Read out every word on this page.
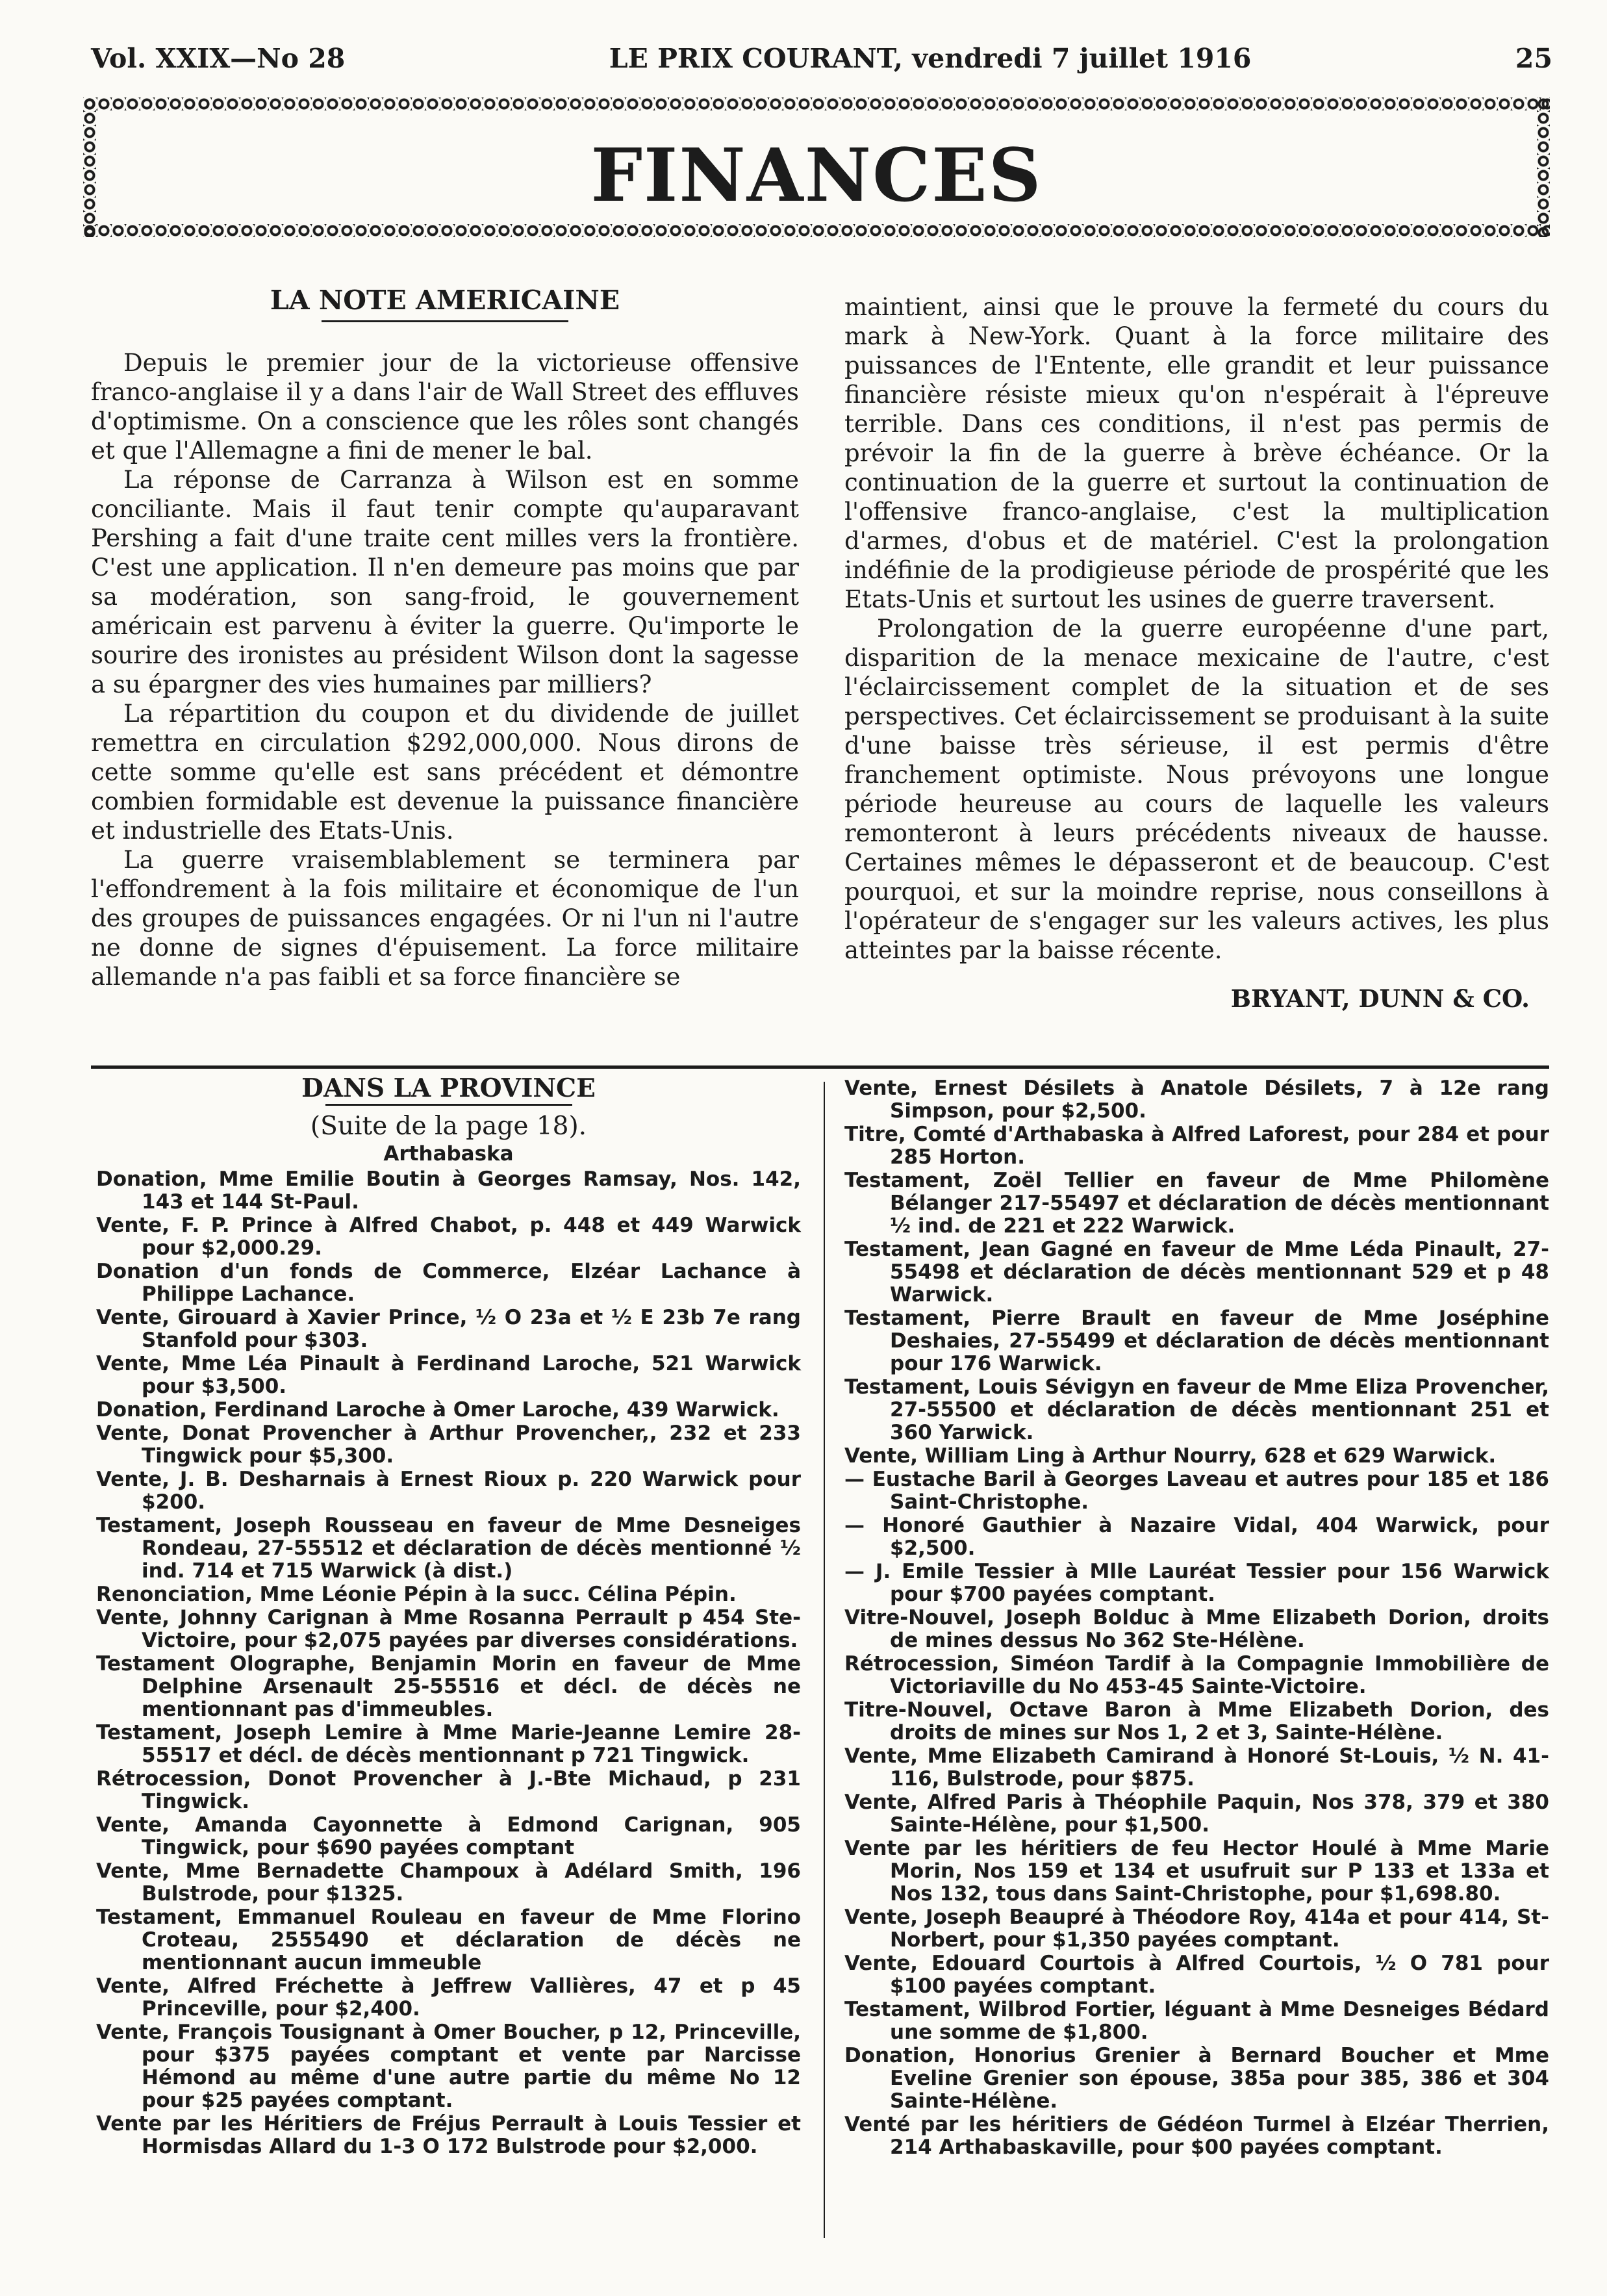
Vol. XXIX—No 28	LE PRIX COURANT, vendredi 7 juillet 1916	25
FINANCES
LA NOTE AMERICAINE

Depuis le premier jour de la victorieuse offensive franco-anglaise il y a dans l'air de Wall Street des effluves d'optimisme. On a conscience que les rôles sont changés et que l'Allemagne a fini de mener le bal.

La réponse de Carranza à Wilson est en somme conciliante. Mais il faut tenir compte qu'auparavant Pershing a fait d'une traite cent milles vers la frontière. C'est une application. Il n'en demeure pas moins que par sa modération, son sang-froid, le gouvernement américain est parvenu à éviter la guerre. Qu'importe le sourire des ironistes au président Wilson dont la sagesse a su épargner des vies humaines par milliers?

La répartition du coupon et du dividende de juillet remettra en circulation $292,000,000. Nous dirons de cette somme qu'elle est sans précédent et démontre combien formidable est devenue la puissance financière et industrielle des Etats-Unis.

La guerre vraisemblablement se terminera par l'effondrement à la fois militaire et économique de l'un des groupes de puissances engagées. Or ni l'un ni l'autre ne donne de signes d'épuisement. La force militaire allemande n'a pas faibli et sa force financière se

maintient, ainsi que le prouve la fermeté du cours du mark à New-York. Quant à la force militaire des puissances de l'Entente, elle grandit et leur puissance financière résiste mieux qu'on n'espérait à l'épreuve terrible. Dans ces conditions, il n'est pas permis de prévoir la fin de la guerre à brève échéance. Or la continuation de la guerre et surtout la continuation de l'offensive franco-anglaise, c'est la multiplication d'armes, d'obus et de matériel. C'est la prolongation indéfinie de la prodigieuse période de prospérité que les Etats-Unis et surtout les usines de guerre traversent.

Prolongation de la guerre européenne d'une part, disparition de la menace mexicaine de l'autre, c'est l'éclaircissement complet de la situation et de ses perspectives. Cet éclaircissement se produisant à la suite d'une baisse très sérieuse, il est permis d'être franchement optimiste. Nous prévoyons une longue période heureuse au cours de laquelle les valeurs remonteront à leurs précédents niveaux de hausse. Certaines mêmes le dépasseront et de beaucoup. C'est pourquoi, et sur la moindre reprise, nous conseillons à l'opérateur de s'engager sur les valeurs actives, les plus atteintes par la baisse récente.

BRYANT, DUNN & CO.
DANS LA PROVINCE
(Suite de la page 18).
Arthabaska
Donation, Mme Emilie Boutin à Georges Ramsay, Nos. 142, 143 et 144 St-Paul.
Vente, F. P. Prince à Alfred Chabot, p. 448 et 449 Warwick pour $2,000.29.
Donation d'un fonds de Commerce, Elzéar Lachance à Philippe Lachance.
Vente, Girouard à Xavier Prince, ½ O 23a et ½ E 23b 7e rang Stanfold pour $303.
Vente, Mme Léa Pinault à Ferdinand Laroche, 521 Warwick pour $3,500.
Donation, Ferdinand Laroche à Omer Laroche, 439 Warwick.
Vente, Donat Provencher à Arthur Provencher,, 232 et 233 Tingwick pour $5,300.
Vente, J. B. Desharnais à Ernest Rioux p. 220 Warwick pour $200.
Testament, Joseph Rousseau en faveur de Mme Desneiges Rondeau, 27-55512 et déclaration de décès mentionné ½ ind. 714 et 715 Warwick (à dist.)
Renonciation, Mme Léonie Pépin à la succ. Célina Pépin.
Vente, Johnny Carignan à Mme Rosanna Perrault p 454 Ste-Victoire, pour $2,075 payées par diverses considérations.
Testament Olographe, Benjamin Morin en faveur de Mme Delphine Arsenault 25-55516 et décl. de décès ne mentionnant pas d'immeubles.
Testament, Joseph Lemire à Mme Marie-Jeanne Lemire 28-55517 et décl. de décès mentionnant p 721 Tingwick.
Rétrocession, Donot Provencher à J.-Bte Michaud, p 231 Tingwick.
Vente, Amanda Cayonnette à Edmond Carignan, 905 Tingwick, pour $690 payées comptant
Vente, Mme Bernadette Champoux à Adélard Smith, 196 Bulstrode, pour $1325.
Testament, Emmanuel Rouleau en faveur de Mme Florino Croteau, 2555490 et déclaration de décès ne mentionnant aucun immeuble
Vente, Alfred Fréchette à Jeffrew Vallières, 47 et p 45 Princeville, pour $2,400.
Vente, François Tousignant à Omer Boucher, p 12, Princeville, pour $375 payées comptant et vente par Narcisse Hémond au même d'une autre partie du même No 12 pour $25 payées comptant.
Vente par les Héritiers de Fréjus Perrault à Louis Tessier et Hormisdas Allard du 1-3 O 172 Bulstrode pour $2,000.
Vente, Ernest Désilets à Anatole Désilets, 7 à 12e rang Simpson, pour $2,500.
Titre, Comté d'Arthabaska à Alfred Laforest, pour 284 et pour 285 Horton.
Testament, Zoël Tellier en faveur de Mme Philomène Bélanger 217-55497 et déclaration de décès mentionnant ½ ind. de 221 et 222 Warwick.
Testament, Jean Gagné en faveur de Mme Léda Pinault, 27-55498 et déclaration de décès mentionnant 529 et p 48 Warwick.
Testament, Pierre Brault en faveur de Mme Joséphine Deshaies, 27-55499 et déclaration de décès mentionnant pour 176 Warwick.
Testament, Louis Sévigyn en faveur de Mme Eliza Provencher, 27-55500 et déclaration de décès mentionnant 251 et 360 Yarwick.
Vente, William Ling à Arthur Nourry, 628 et 629 Warwick.
— Eustache Baril à Georges Laveau et autres pour 185 et 186 Saint-Christophe.
— Honoré Gauthier à Nazaire Vidal, 404 Warwick, pour $2,500.
— J. Emile Tessier à Mlle Lauréat Tessier pour 156 Warwick pour $700 payées comptant.
Vitre-Nouvel, Joseph Bolduc à Mme Elizabeth Dorion, droits de mines dessus No 362 Ste-Hélène.
Rétrocession, Siméon Tardif à la Compagnie Immobilière de Victoriaville du No 453-45 Sainte-Victoire.
Titre-Nouvel, Octave Baron à Mme Elizabeth Dorion, des droits de mines sur Nos 1, 2 et 3, Sainte-Hélène.
Vente, Mme Elizabeth Camirand à Honoré St-Louis, ½ N. 41-116, Bulstrode, pour $875.
Vente, Alfred Paris à Théophile Paquin, Nos 378, 379 et 380 Sainte-Hélène, pour $1,500.
Vente par les héritiers de feu Hector Houlé à Mme Marie Morin, Nos 159 et 134 et usufruit sur P 133 et 133a et Nos 132, tous dans Saint-Christophe, pour $1,698.80.
Vente, Joseph Beaupré à Théodore Roy, 414a et pour 414, St-Norbert, pour $1,350 payées comptant.
Vente, Edouard Courtois à Alfred Courtois, ½ O 781 pour $100 payées comptant.
Testament, Wilbrod Fortier, léguant à Mme Desneiges Bédard une somme de $1,800.
Donation, Honorius Grenier à Bernard Boucher et Mme Eveline Grenier son épouse, 385a pour 385, 386 et 304 Sainte-Hélène.
Venté par les héritiers de Gédéon Turmel à Elzéar Therrien, 214 Arthabaskaville, pour $00 payées comptant.
